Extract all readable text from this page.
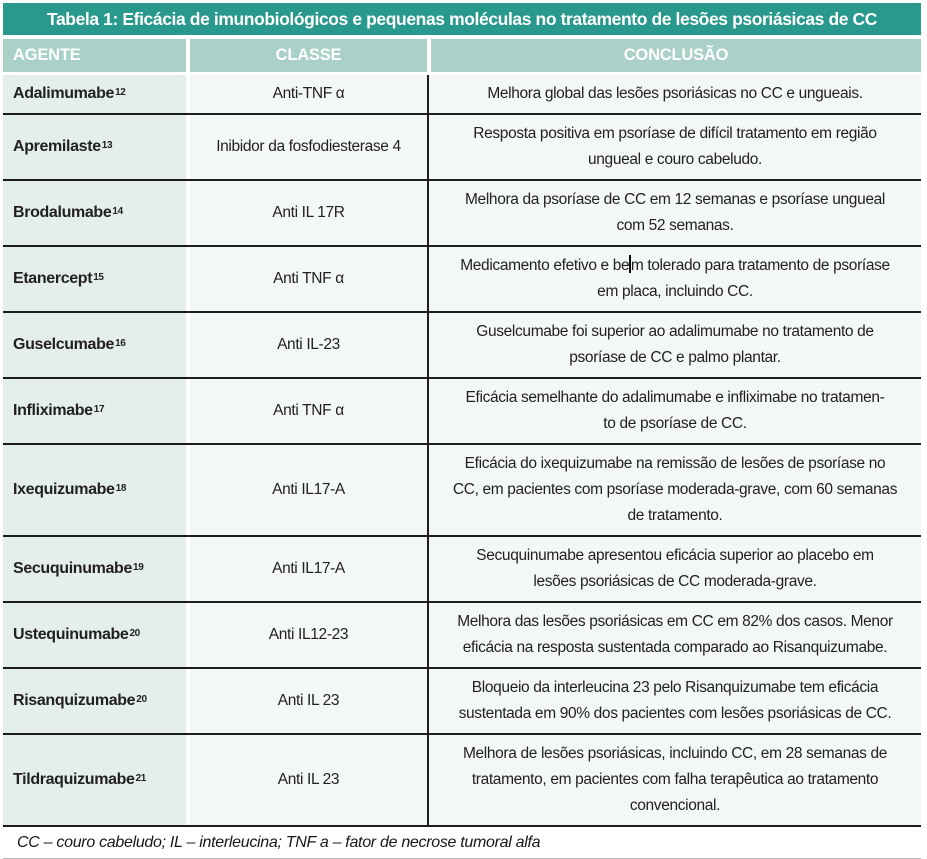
Tabela 1: Eficácia de imunobiológicos e pequenas moléculas no tratamento de lesões psoriásicas de CC
AGENTE	CLASSE	CONCLUSÃO
Adalimumabe 12	Anti-TNF α	Melhora global das lesões psoriásicas no CC e ungueais.
Apremilaste 13	Inibidor da fosfodiesterase 4
Resposta positiva em psoríase de difícil tratamento em região
ungueal e couro cabeludo.
Brodalumabe 14	Anti IL 17R
Melhora da psoríase de CC em 12 semanas e psoríase ungueal
com 52 semanas.
Etanercept 15	Anti TNF α
Medicamento efetivo e bem tolerado para tratamento de psoríase
em placa, incluindo CC.
Guselcumabe 16	Anti IL-23
Guselcumabe foi superior ao adalimumabe no tratamento de
psoríase de CC e palmo plantar.
Infliximabe 17	Anti TNF α
Eficácia semelhante do adalimumabe e infliximabe no tratamen-
to de psoríase de CC.
Ixequizumabe 18	Anti IL17-A
Eficácia do ixequizumabe na remissão de lesões de psoríase no
CC, em pacientes com psoríase moderada-grave, com 60 semanas
de tratamento.
Secuquinumabe 19	Anti IL17-A
Secuquinumabe apresentou eficácia superior ao placebo em
lesões psoriásicas de CC moderada-grave.
Ustequinumabe 20	Anti IL12-23
Melhora das lesões psoriásicas em CC em 82% dos casos. Menor
eficácia na resposta sustentada comparado ao Risanquizumabe.
Risanquizumabe 20	Anti IL 23
Bloqueio da interleucina 23 pelo Risanquizumabe tem eficácia
sustentada em 90% dos pacientes com lesões psoriásicas de CC.
Tildraquizumabe 21	Anti IL 23
Melhora de lesões psoriásicas, incluindo CC, em 28 semanas de
tratamento, em pacientes com falha terapêutica ao tratamento
convencional.
CC – couro cabeludo; IL – interleucina; TNF a – fator de necrose tumoral alfa
